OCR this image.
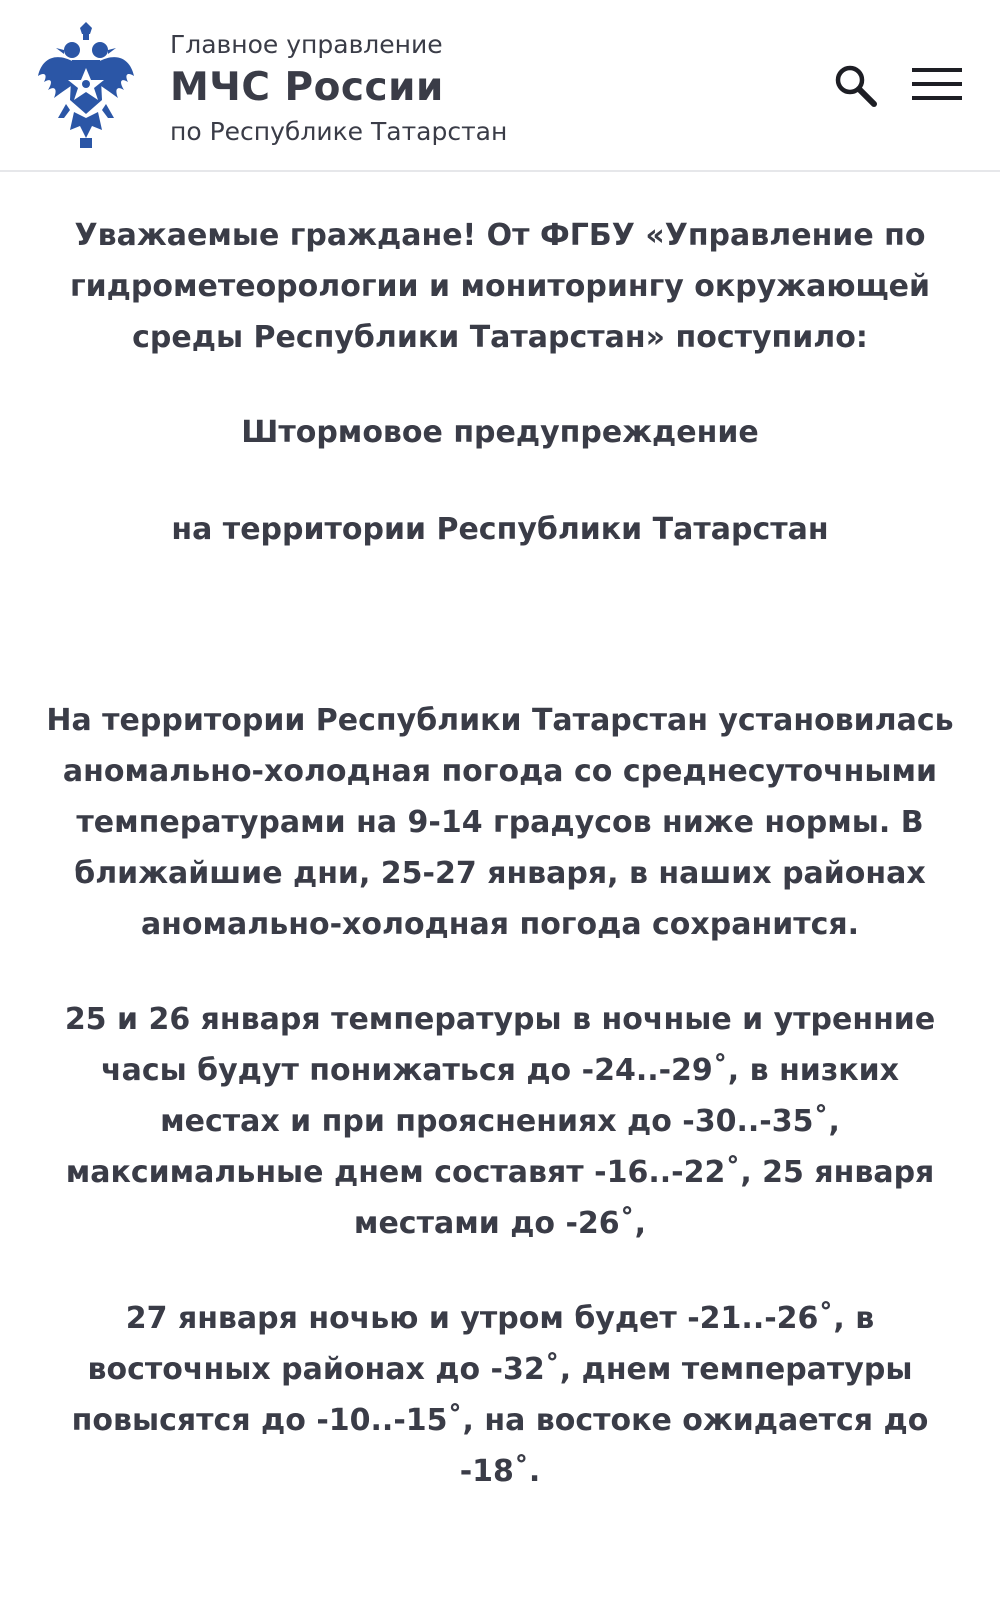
Главное управление
МЧС России
по Республике Татарстан

Уважаемые граждане! От ФГБУ «Управление по гидрометеорологии и мониторингу окружающей среды Республики Татарстан» поступило:

Штормовое предупреждение

на территории Республики Татарстан

На территории Республики Татарстан установилась аномально-холодная погода со среднесуточными температурами на 9-14 градусов ниже нормы. В ближайшие дни, 25-27 января, в наших районах аномально-холодная погода сохранится.

25 и 26 января температуры в ночные и утренние часы будут понижаться до -24..-29˚, в низких местах и при прояснениях до -30..-35˚, максимальные днем составят -16..-22˚, 25 января местами до -26˚,

27 января ночью и утром будет -21..-26˚, в восточных районах до -32˚, днем температуры повысятся до -10..-15˚, на востоке ожидается до -18˚.
